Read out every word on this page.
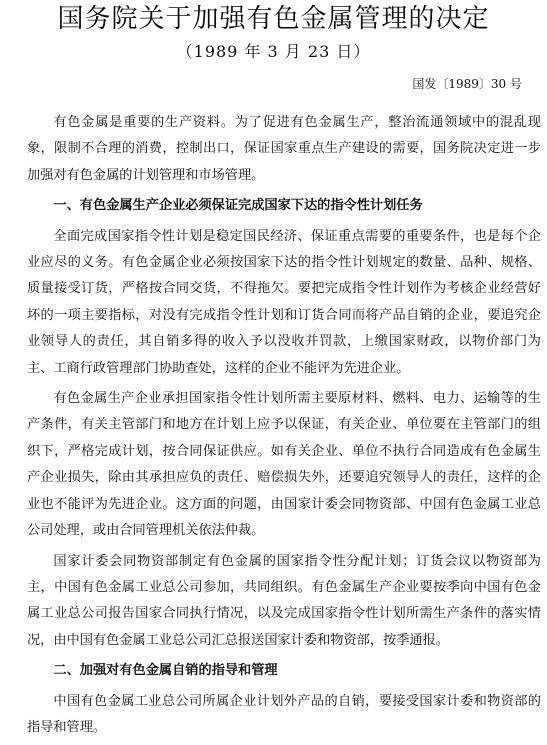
国务院关于加强有色金属管理的决定
（1989 年 3 月 23 日）
国发〔1989〕30 号

有色金属是重要的生产资料。为了促进有色金属生产，整治流通领域中的混乱现象，限制不合理的消费，控制出口，保证国家重点生产建设的需要，国务院决定进一步加强对有色金属的计划管理和市场管理。

一、有色金属生产企业必须保证完成国家下达的指令性计划任务

全面完成国家指令性计划是稳定国民经济、保证重点需要的重要条件，也是每个企业应尽的义务。有色金属企业必须按国家下达的指令性计划规定的数量、品种、规格、质量接受订货，严格按合同交货，不得拖欠。要把完成指令性计划作为考核企业经营好坏的一项主要指标，对没有完成指令性计划和订货合同而将产品自销的企业，要追究企业领导人的责任，其自销多得的收入予以没收并罚款，上缴国家财政，以物价部门为主、工商行政管理部门协助查处，这样的企业不能评为先进企业。

有色金属生产企业承担国家指令性计划所需主要原材料、燃料、电力、运输等的生产条件，有关主管部门和地方在计划上应予以保证，有关企业、单位要在主管部门的组织下，严格完成计划，按合同保证供应。如有关企业、单位不执行合同造成有色金属生产企业损失，除由其承担应负的责任、赔偿损失外，还要追究领导人的责任，这样的企业也不能评为先进企业。这方面的问题，由国家计委会同物资部、中国有色金属工业总公司处理，或由合同管理机关依法仲裁。

国家计委会同物资部制定有色金属的国家指令性分配计划；订货会议以物资部为主，中国有色金属工业总公司参加，共同组织。有色金属生产企业要按季向中国有色金属工业总公司报告国家合同执行情况，以及完成国家指令性计划所需生产条件的落实情况，由中国有色金属工业总公司汇总报送国家计委和物资部，按季通报。

二、加强对有色金属自销的指导和管理

中国有色金属工业总公司所属企业计划外产品的自销，要接受国家计委和物资部的指导和管理。
